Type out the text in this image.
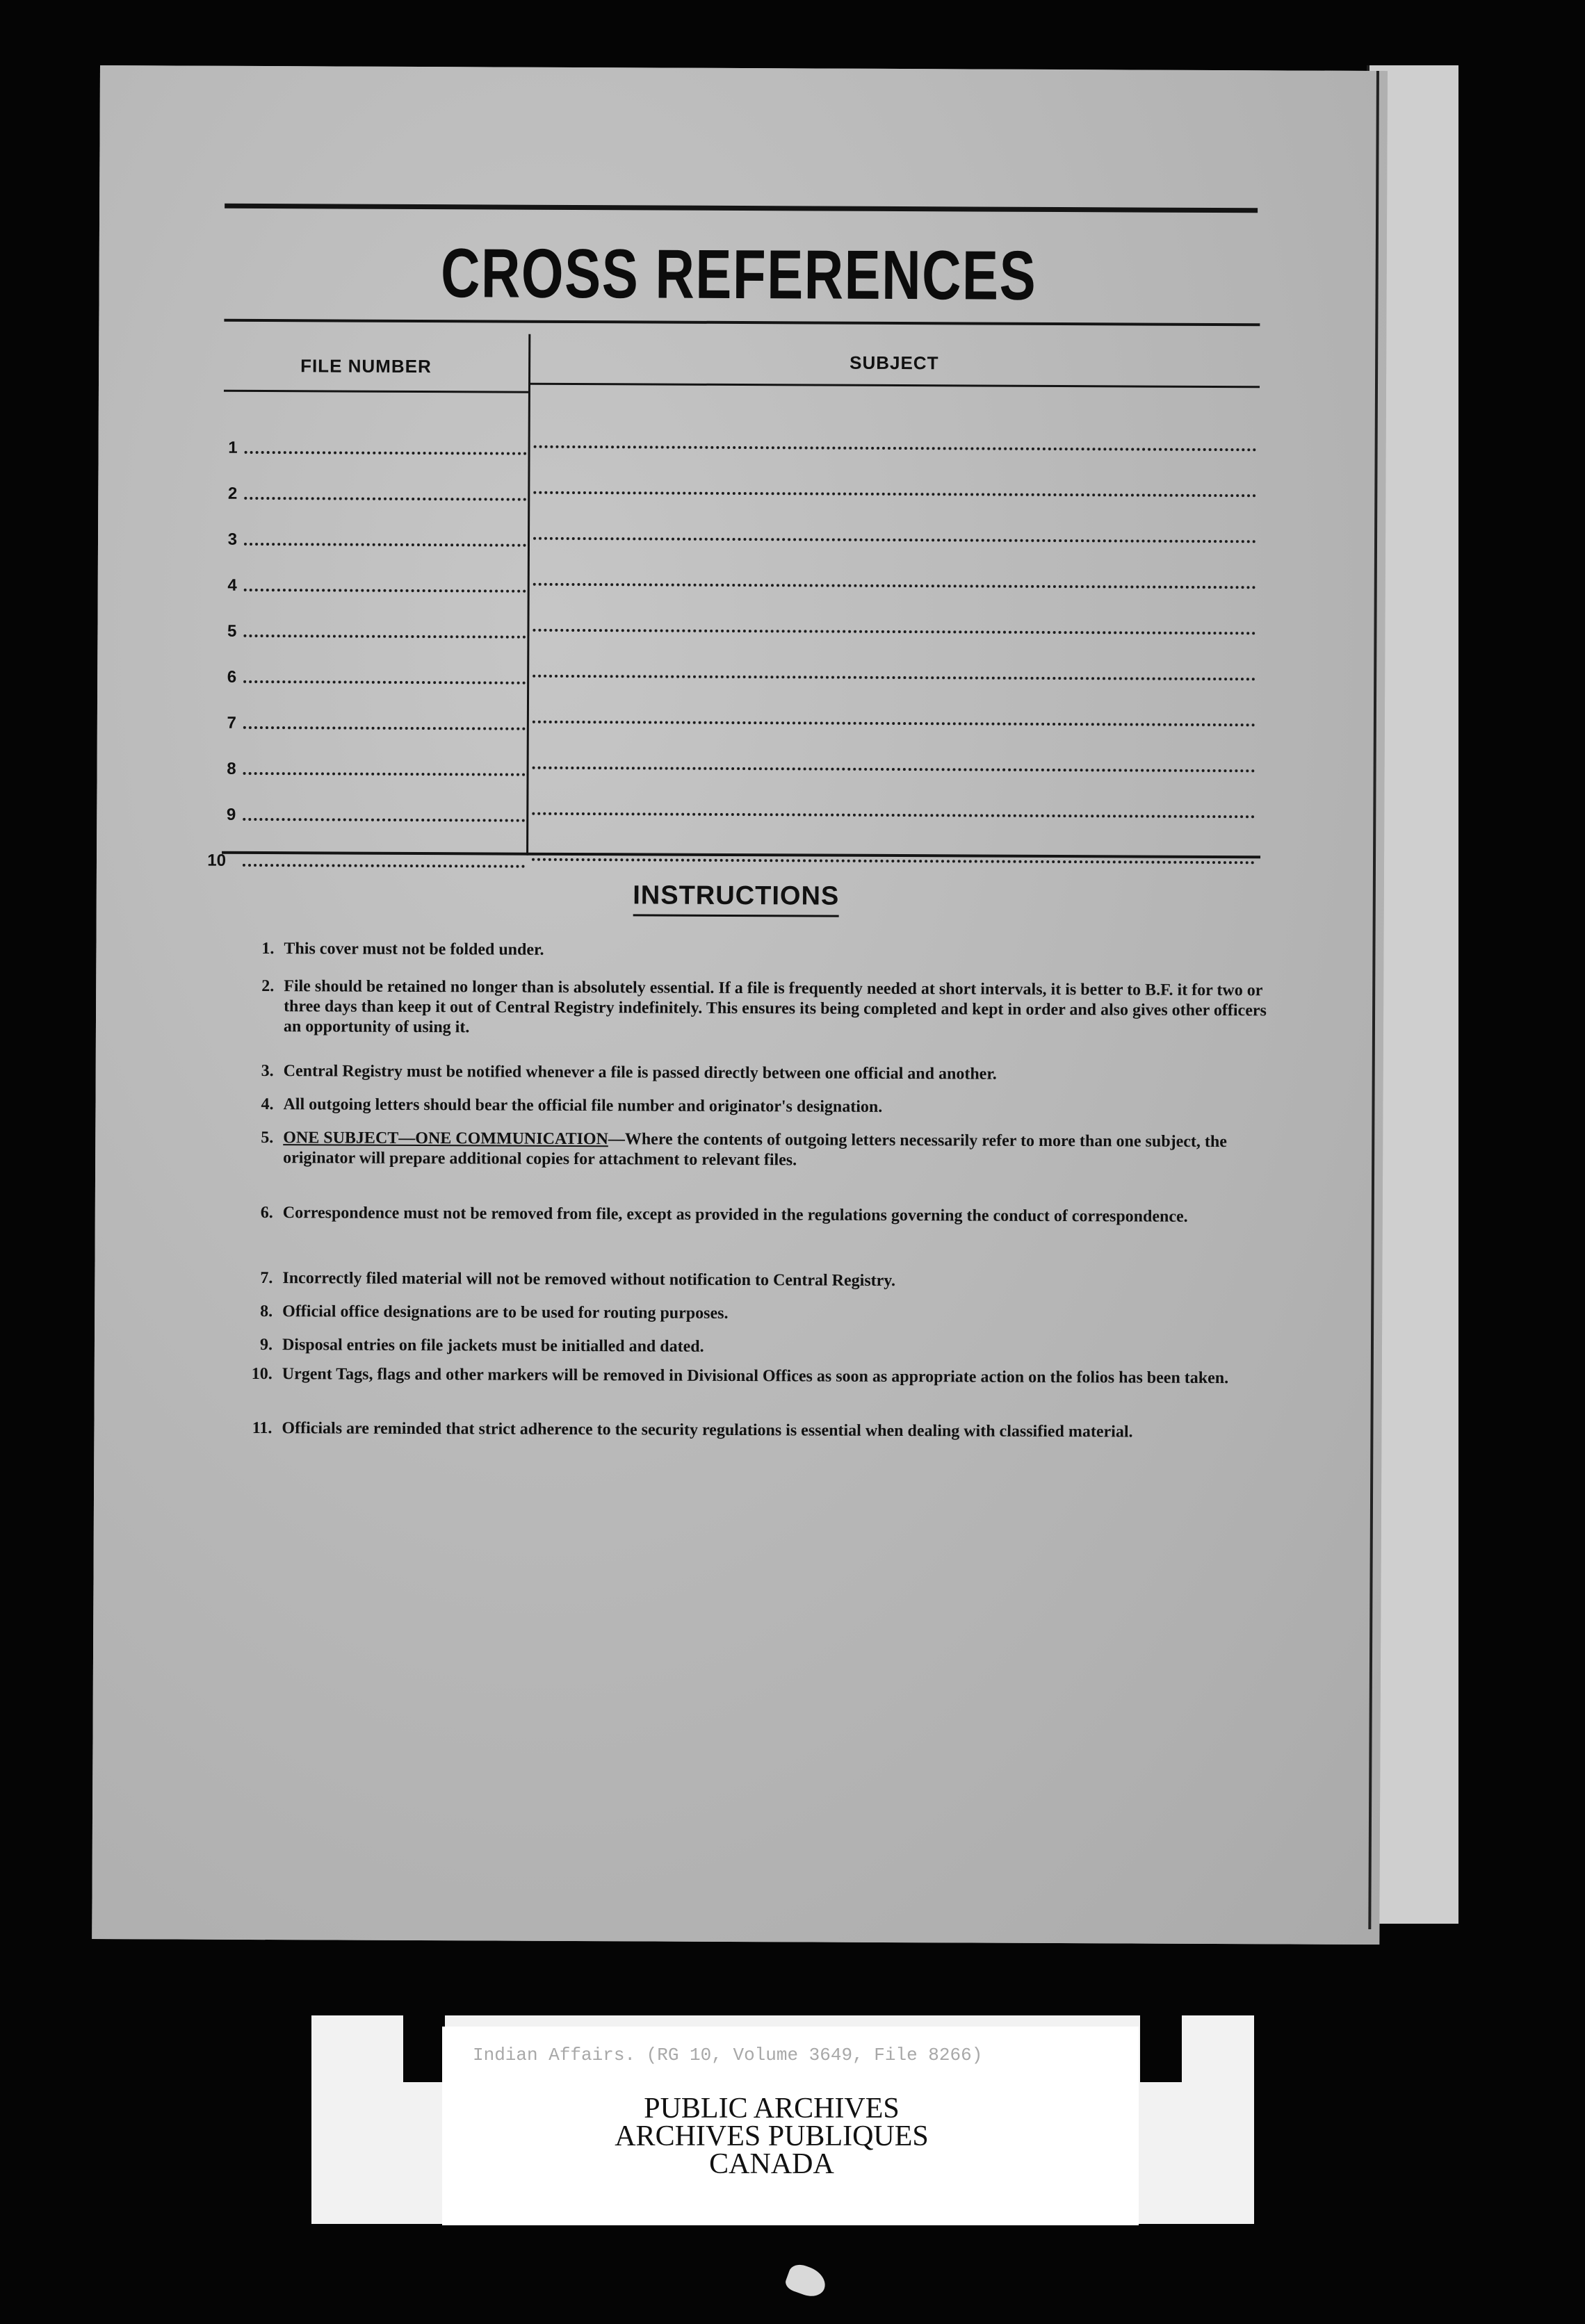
CROSS REFERENCES
FILE NUMBER	SUBJECT
1
2
3
4
5
6
7
8
9
10
INSTRUCTIONS
1. This cover must not be folded under.
2. File should be retained no longer than is absolutely essential. If a file is frequently needed at short intervals, it is better to B.F. it for two or three days than keep it out of Central Registry indefinitely. This ensures its being completed and kept in order and also gives other officers an opportunity of using it.
3. Central Registry must be notified whenever a file is passed directly between one official and another.
4. All outgoing letters should bear the official file number and originator's designation.
5. ONE SUBJECT—ONE COMMUNICATION—Where the contents of outgoing letters necessarily refer to more than one subject, the originator will prepare additional copies for attachment to relevant files.
6. Correspondence must not be removed from file, except as provided in the regulations governing the conduct of correspondence.
7. Incorrectly filed material will not be removed without notification to Central Registry.
8. Official office designations are to be used for routing purposes.
9. Disposal entries on file jackets must be initialled and dated.
10. Urgent Tags, flags and other markers will be removed in Divisional Offices as soon as appropriate action on the folios has been taken.
11. Officials are reminded that strict adherence to the security regulations is essential when dealing with classified material.
Indian Affairs. (RG 10, Volume 3649, File 8266)
PUBLIC ARCHIVES
ARCHIVES PUBLIQUES
CANADA
